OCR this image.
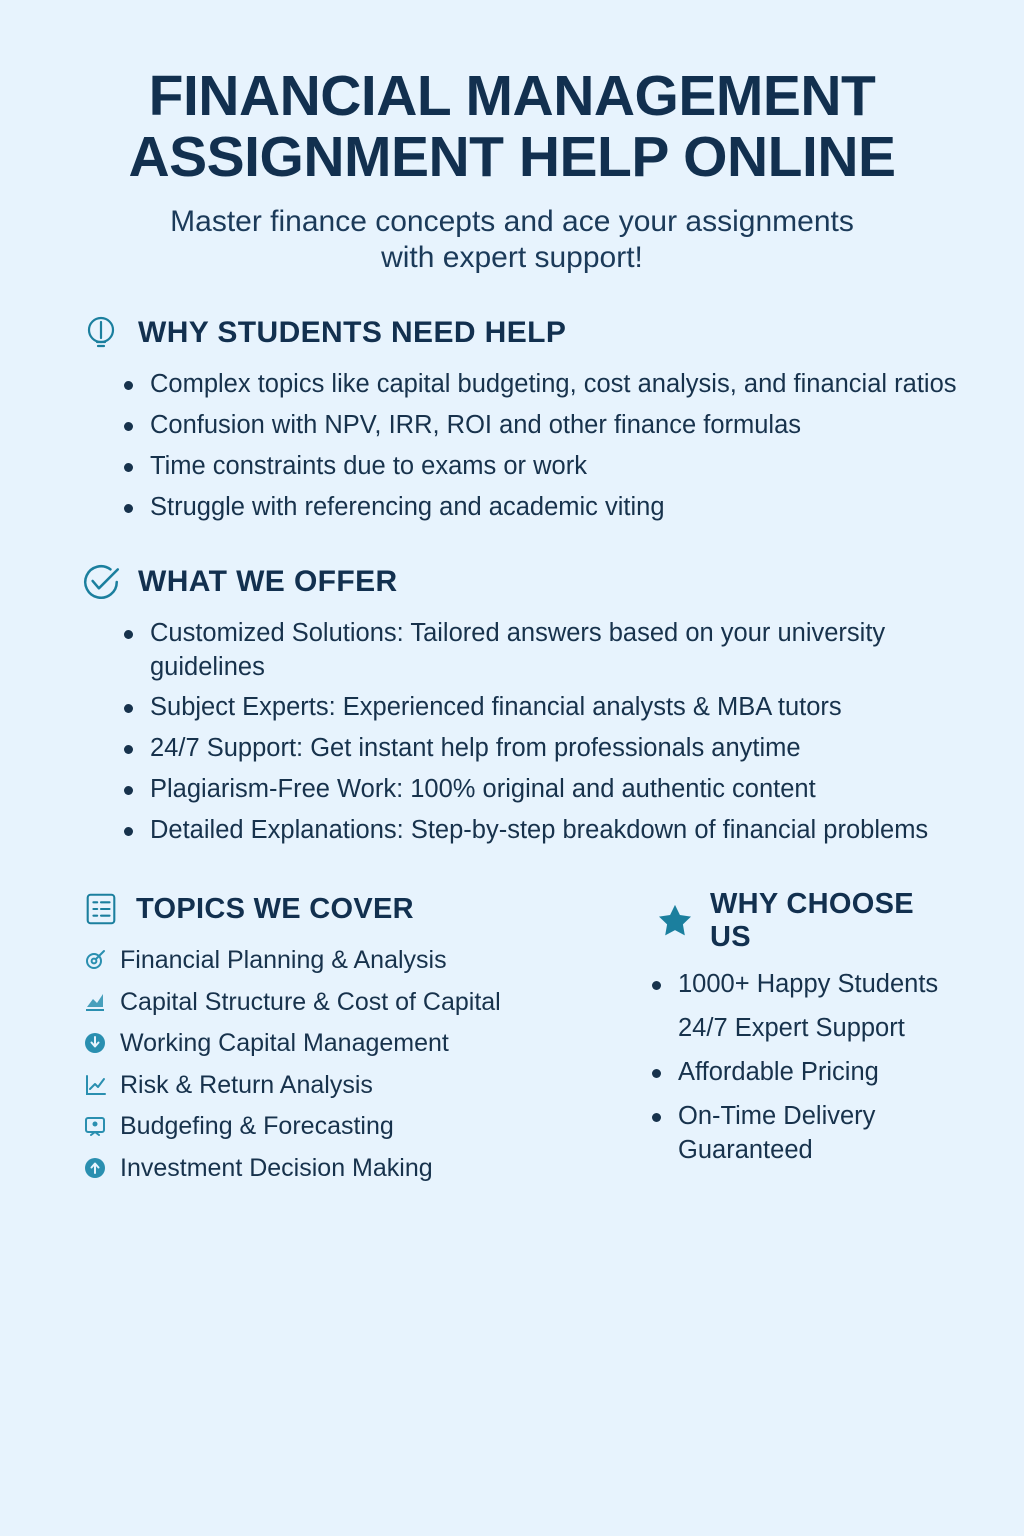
FINANCIAL MANAGEMENT ASSIGNMENT HELP ONLINE

Master finance concepts and ace your assignments with expert support!

WHY STUDENTS NEED HELP
Complex topics like capital budgeting, cost analysis, and financial ratios
Confusion with NPV, IRR, ROI and other finance formulas
Time constraints due to exams or work
Struggle with referencing and academic viting
WHAT WE OFFER
Customized Solutions: Tailored answers based on your university guidelines
Subject Experts: Experienced financial analysts & MBA tutors
24/7 Support: Get instant help from professionals anytime
Plagiarism-Free Work: 100% original and authentic content
Detailed Explanations: Step-by-step breakdown of financial problems
TOPICS WE COVER
Financial Planning & Analysis
Capital Structure & Cost of Capital
Working Capital Management
Risk & Return Analysis
Budgefing & Forecasting
Investment Decision Making
WHY CHOOSE US
1000+ Happy Students
24/7 Expert Support
Affordable Pricing
On-Time Delivery Guaranteed
